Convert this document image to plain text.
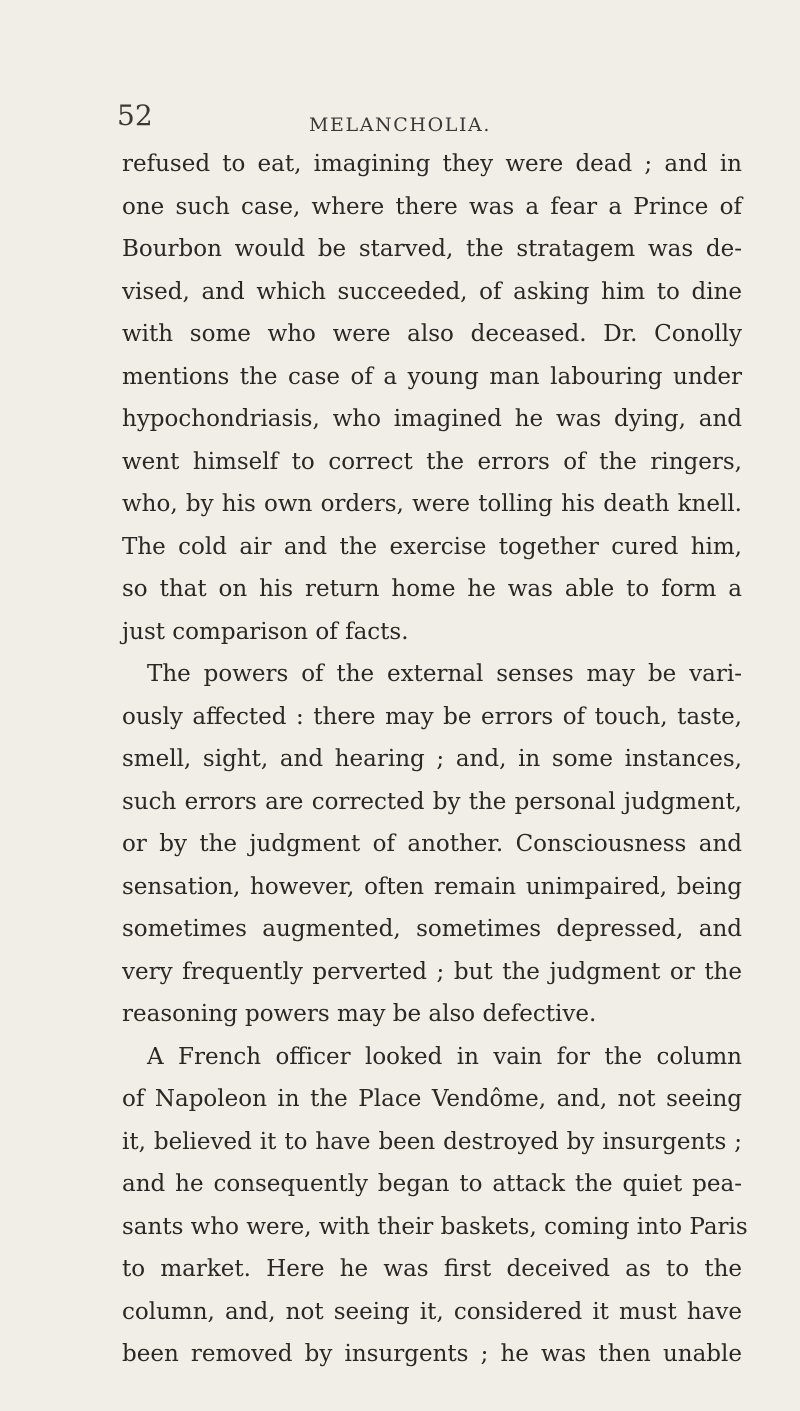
52	MELANCHOLIA.
refused to eat, imagining they were dead ; and in
one such case, where there was a fear a Prince of
Bourbon would be starved, the stratagem was de-
vised, and which succeeded, of asking him to dine
with some who were also deceased. Dr. Conolly
mentions the case of a young man labouring under
hypochondriasis, who imagined he was dying, and
went himself to correct the errors of the ringers,
who, by his own orders, were tolling his death knell.
The cold air and the exercise together cured him,
so that on his return home he was able to form a
just comparison of facts.
The powers of the external senses may be vari-
ously affected : there may be errors of touch, taste,
smell, sight, and hearing ; and, in some instances,
such errors are corrected by the personal judgment,
or by the judgment of another. Consciousness and
sensation, however, often remain unimpaired, being
sometimes augmented, sometimes depressed, and
very frequently perverted ; but the judgment or the
reasoning powers may be also defective.
A French officer looked in vain for the column
of Napoleon in the Place Vendôme, and, not seeing
it, believed it to have been destroyed by insurgents ;
and he consequently began to attack the quiet pea-
sants who were, with their baskets, coming into Paris
to market. Here he was first deceived as to the
column, and, not seeing it, considered it must have
been removed by insurgents ; he was then unable
